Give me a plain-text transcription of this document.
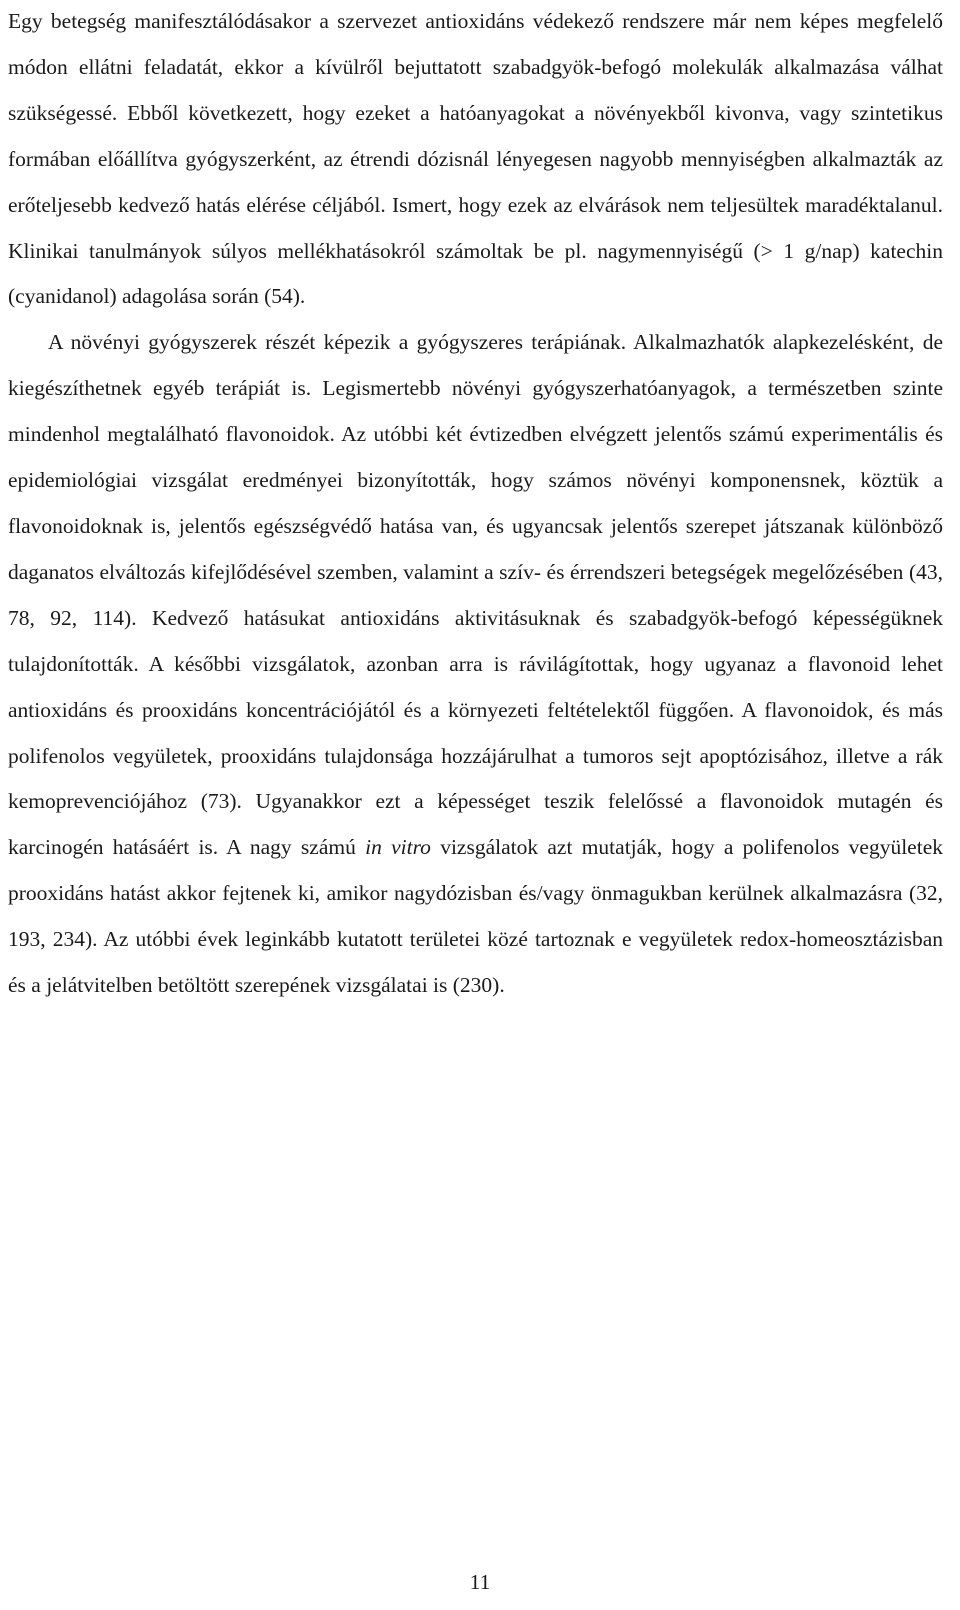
Egy betegség manifesztálódásakor a szervezet antioxidáns védekező rendszere már nem képes megfelelő módon ellátni feladatát, ekkor a kívülről bejuttatott szabadgyök-befogó molekulák alkalmazása válhat szükségessé. Ebből következett, hogy ezeket a hatóanyagokat a növényekből kivonva, vagy szintetikus formában előállítva gyógyszerként, az étrendi dózisnál lényegesen nagyobb mennyiségben alkalmazták az erőteljesebb kedvező hatás elérése céljából. Ismert, hogy ezek az elvárások nem teljesültek maradéktalanul. Klinikai tanulmányok súlyos mellékhatásokról számoltak be pl. nagymennyiségű (> 1 g/nap) katechin (cyanidanol) adagolása során (54).

A növényi gyógyszerek részét képezik a gyógyszeres terápiának. Alkalmazhatók alapkezelésként, de kiegészíthetnek egyéb terápiát is. Legismertebb növényi gyógyszerhatóanyagok, a természetben szinte mindenhol megtalálható flavonoidok. Az utóbbi két évtizedben elvégzett jelentős számú experimentális és epidemiológiai vizsgálat eredményei bizonyították, hogy számos növényi komponensnek, köztük a flavonoidoknak is, jelentős egészségvédő hatása van, és ugyancsak jelentős szerepet játszanak különböző daganatos elváltozás kifejlődésével szemben, valamint a szív- és érrendszeri betegségek megelőzésében (43, 78, 92, 114). Kedvező hatásukat antioxidáns aktivitásuknak és szabadgyök-befogó képességüknek tulajdonították. A későbbi vizsgálatok, azonban arra is rávilágítottak, hogy ugyanaz a flavonoid lehet antioxidáns és prooxidáns koncentrációjától és a környezeti feltételektől függően. A flavonoidok, és más polifenolos vegyületek, prooxidáns tulajdonsága hozzájárulhat a tumoros sejt apoptózisához, illetve a rák kemoprevenciójához (73). Ugyanakkor ezt a képességet teszik felelőssé a flavonoidok mutagén és karcinogén hatásáért is. A nagy számú in vitro vizsgálatok azt mutatják, hogy a polifenolos vegyületek prooxidáns hatást akkor fejtenek ki, amikor nagydózisban és/vagy önmagukban kerülnek alkalmazásra (32, 193, 234). Az utóbbi évek leginkább kutatott területei közé tartoznak e vegyületek redox-homeosztázisban és a jelátvitelben betöltött szerepének vizsgálatai is (230).

11
